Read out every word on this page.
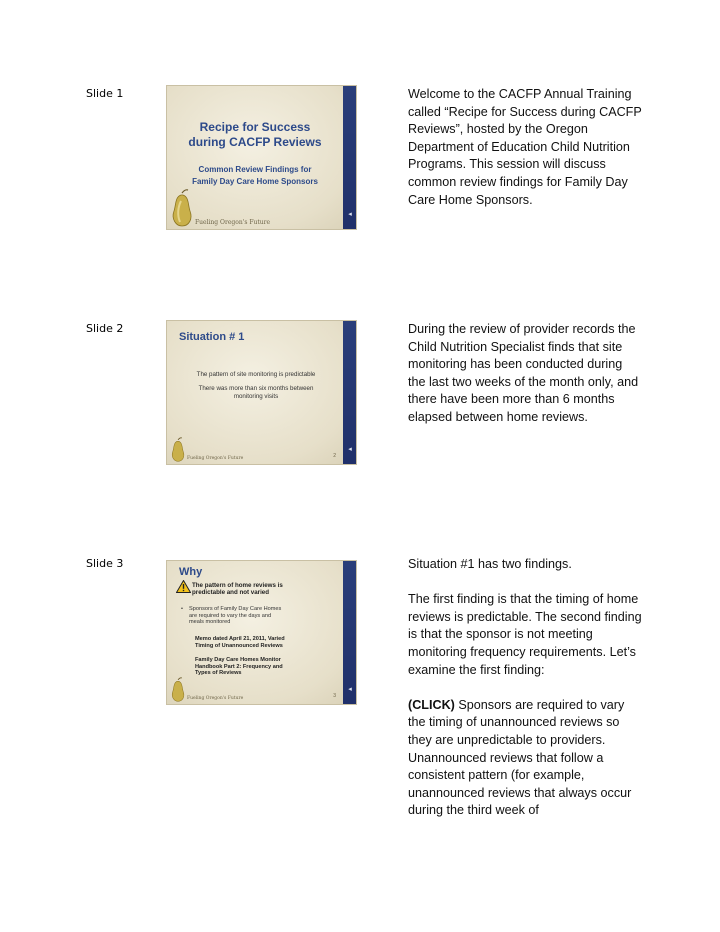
Slide 1
Recipe for Success
during CACFP Reviews
Common Review Findings for
Family Day Care Home Sponsors
Fueling Oregon's Future
◂

Welcome to the CACFP Annual Training called “Recipe for Success during CACFP Reviews”, hosted by the Oregon Department of Education Child Nutrition Programs. This session will discuss common review findings for Family Day Care Home Sponsors.

Slide 2
Situation # 1
The pattern of site monitoring is predictable
There was more than six months between
monitoring visits
Fueling Oregon's Future	2
◂

During the review of provider records the Child Nutrition Specialist finds that site monitoring has been conducted during the last two weeks of the month only, and there have been more than 6 months elapsed between home reviews.

Slide 3
Why
The pattern of home reviews is
predictable and not varied
•	Sponsors of Family Day Care Homes
are required to vary the days and
meals monitored
Memo dated April 21, 2011, Varied
Timing of Unannounced Reviews
Family Day Care Homes Monitor
Handbook Part 2: Frequency and
Types of Reviews
Fueling Oregon's Future	3
◂

Situation #1 has two findings.

The first finding is that the timing of home reviews is predictable. The second finding is that the sponsor is not meeting monitoring frequency requirements. Let’s examine the first finding:

(CLICK) Sponsors are required to vary the timing of unannounced reviews so they are unpredictable to providers. Unannounced reviews that follow a consistent pattern (for example, unannounced reviews that always occur during the third week of
